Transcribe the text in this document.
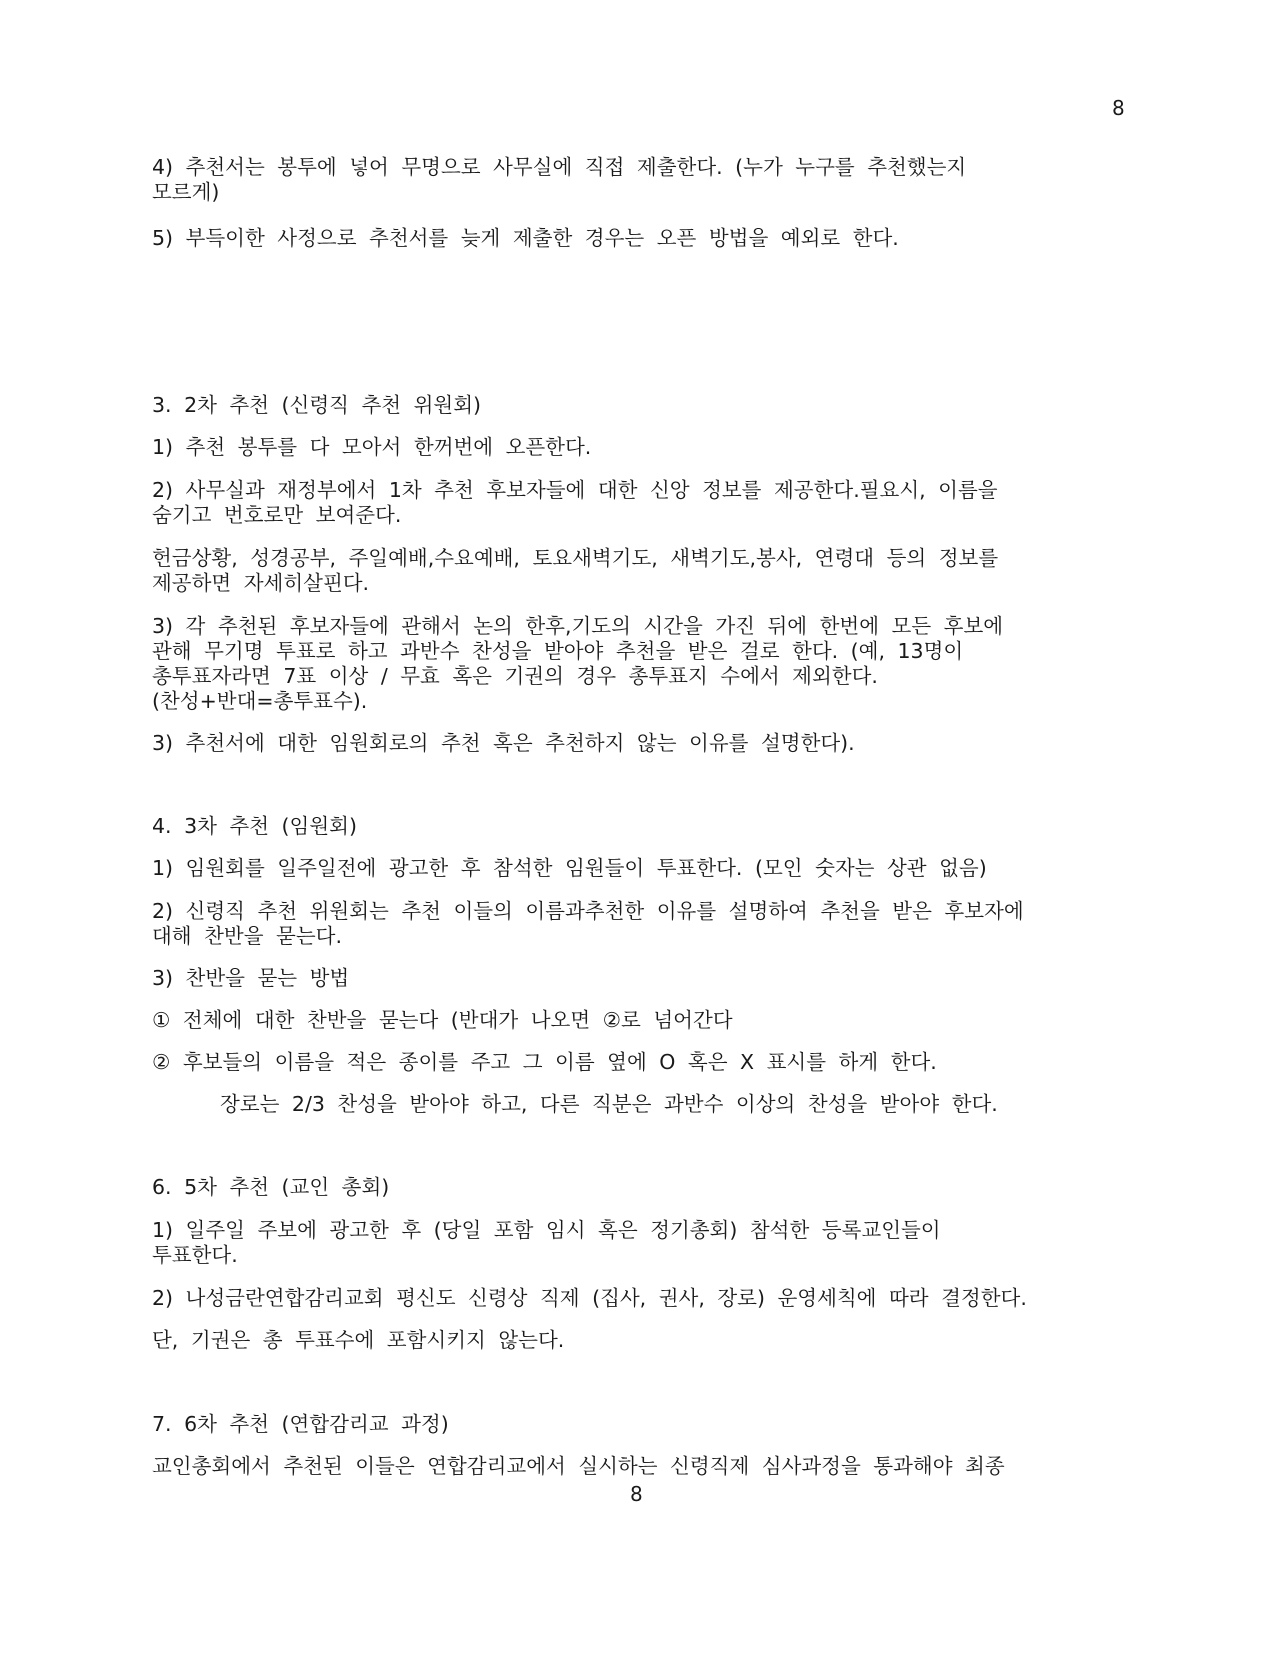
8
4) 추천서는 봉투에 넣어 무명으로 사무실에 직접 제출한다. (누가 누구를 추천했는지
모르게)
5) 부득이한 사정으로 추천서를 늦게 제출한 경우는 오픈 방법을 예외로 한다.
3. 2차 추천 (신령직 추천 위원회)
1) 추천 봉투를 다 모아서 한꺼번에 오픈한다.
2) 사무실과 재정부에서 1차 추천 후보자들에 대한 신앙 정보를 제공한다.필요시, 이름을
숨기고 번호로만 보여준다.
헌금상황, 성경공부, 주일예배,수요예배, 토요새벽기도, 새벽기도,봉사, 연령대 등의 정보를
제공하면 자세히살핀다.
3) 각 추천된 후보자들에 관해서 논의 한후,기도의 시간을 가진 뒤에 한번에 모든 후보에
관해 무기명 투표로 하고 과반수 찬성을 받아야 추천을 받은 걸로 한다. (예, 13명이
총투표자라면 7표 이상 / 무효 혹은 기권의 경우 총투표지 수에서 제외한다.
(찬성+반대=총투표수).
3) 추천서에 대한 임원회로의 추천 혹은 추천하지 않는 이유를 설명한다).
4. 3차 추천 (임원회)
1) 임원회를 일주일전에 광고한 후 참석한 임원들이 투표한다. (모인 숫자는 상관 없음)
2) 신령직 추천 위원회는 추천 이들의 이름과추천한 이유를 설명하여 추천을 받은 후보자에
대해 찬반을 묻는다.
3) 찬반을 묻는 방법
① 전체에 대한 찬반을 묻는다 (반대가 나오면 ②로 넘어간다
② 후보들의 이름을 적은 종이를 주고 그 이름 옆에 O 혹은 X 표시를 하게 한다.
장로는 2/3 찬성을 받아야 하고, 다른 직분은 과반수 이상의 찬성을 받아야 한다.
6. 5차 추천 (교인 총회)
1) 일주일 주보에 광고한 후 (당일 포함 임시 혹은 정기총회) 참석한 등록교인들이
투표한다.
2) 나성금란연합감리교회 평신도 신령상 직제 (집사, 권사, 장로) 운영세칙에 따라 결정한다.
단, 기권은 총 투표수에 포함시키지 않는다.
7. 6차 추천 (연합감리교 과정)
교인총회에서 추천된 이들은 연합감리교에서 실시하는 신령직제 심사과정을 통과해야 최종
8
